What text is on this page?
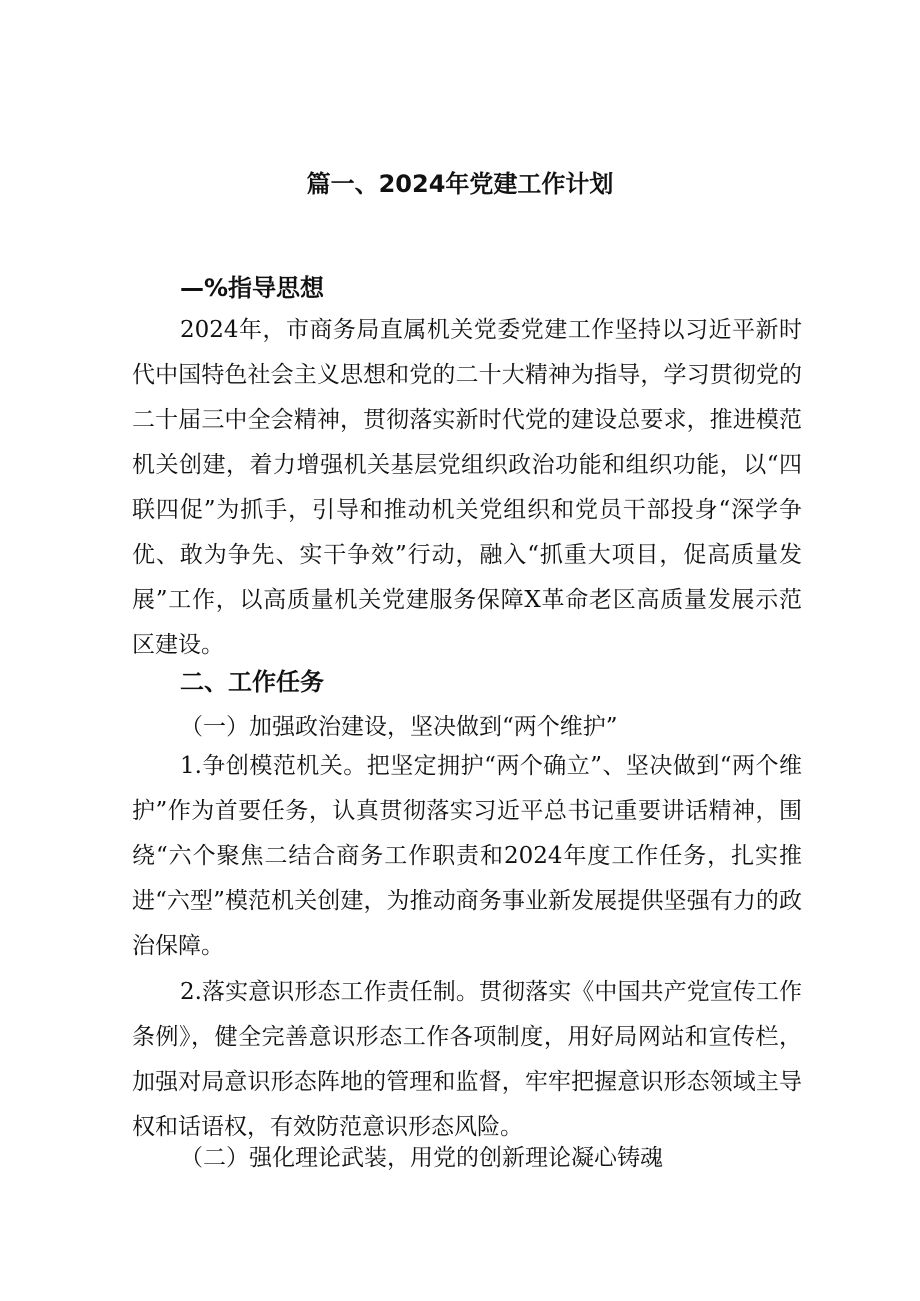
篇一、2024年党建工作计划
—%指导思想

2024年，市商务局直属机关党委党建工作坚持以习近平新时代中国特色社会主义思想和党的二十大精神为指导，学习贯彻党的二十届三中全会精神，贯彻落实新时代党的建设总要求，推进模范机关创建，着力增强机关基层党组织政治功能和组织功能，以“四联四促”为抓手，引导和推动机关党组织和党员干部投身“深学争优、敢为争先、实干争效”行动，融入“抓重大项目，促高质量发展”工作，以高质量机关党建服务保障X革命老区高质量发展示范区建设。

二、工作任务
（一）加强政治建设，坚决做到“两个维护”

1.争创模范机关。把坚定拥护“两个确立”、坚决做到“两个维护”作为首要任务，认真贯彻落实习近平总书记重要讲话精神，围绕“六个聚焦二结合商务工作职责和2024年度工作任务，扎实推进“六型”模范机关创建，为推动商务事业新发展提供坚强有力的政治保障。

2.落实意识形态工作责任制。贯彻落实《中国共产党宣传工作条例》，健全完善意识形态工作各项制度，用好局网站和宣传栏，加强对局意识形态阵地的管理和监督，牢牢把握意识形态领域主导权和话语权，有效防范意识形态风险。

（二）强化理论武装，用党的创新理论凝心铸魂
